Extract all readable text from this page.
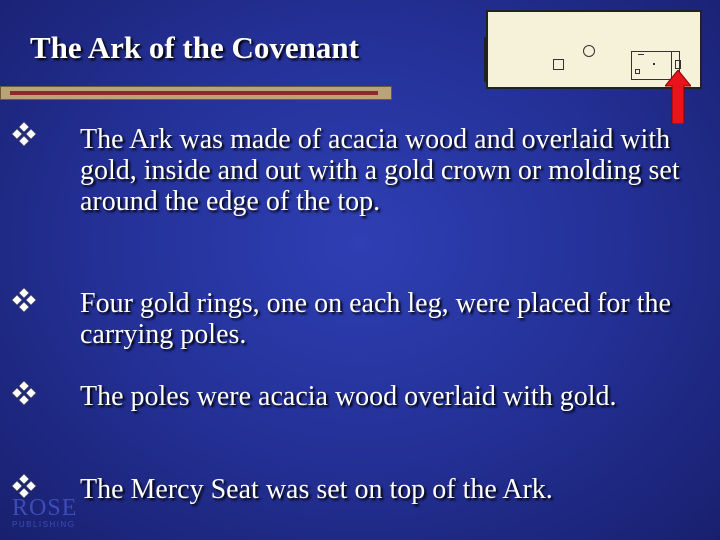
The Ark of the Covenant
The Ark was made of acacia wood and overlaid with gold, inside and out with a gold crown or molding set around the edge of the top.
Four gold rings, one on each leg, were placed for the carrying poles.
The poles were acacia wood overlaid with gold.
The Mercy Seat was set on top of the Ark.
ROSE
PUBLISHING
